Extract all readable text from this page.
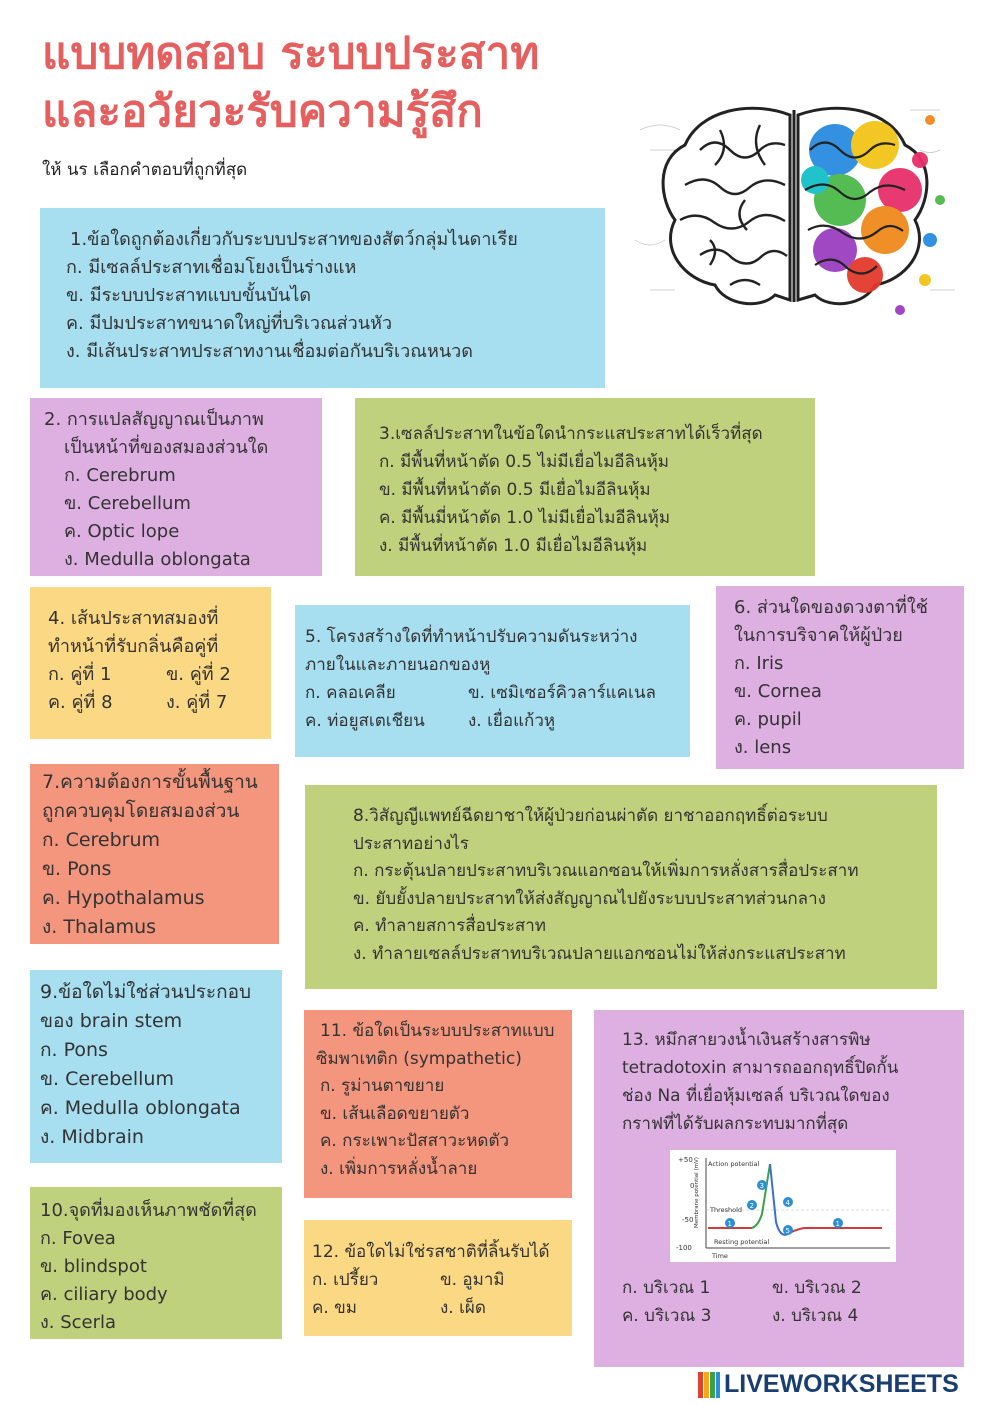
แบบทดสอบ ระบบประสาท
และอวัยวะรับความรู้สึก
ให้ นร เลือกคำตอบที่ถูกที่สุด
1.ข้อใดถูกต้องเกี่ยวกับระบบประสาทของสัตว์กลุ่มไนดาเรีย
ก. มีเซลล์ประสาทเชื่อมโยงเป็นร่างแห
ข. มีระบบประสาทแบบขั้นบันได
ค. มีปมประสาทขนาดใหญ่ที่บริเวณส่วนหัว
ง. มีเส้นประสาทประสาทงานเชื่อมต่อกันบริเวณหนวด
2. การแปลสัญญาณเป็นภาพ
เป็นหน้าที่ของสมองส่วนใด
ก. Cerebrum
ข. Cerebellum
ค. Optic lope
ง. Medulla oblongata
3.เซลล์ประสาทในข้อใดนำกระแสประสาทได้เร็วที่สุด
ก. มีพื้นที่หน้าตัด 0.5 ไม่มีเยื่อไมอีลินหุ้ม
ข. มีพื้นที่หน้าตัด 0.5 มีเยื่อไมอีลินหุ้ม
ค. มีพื้นมี่หน้าตัด 1.0 ไม่มีเยื่อไมอีลินหุ้ม
ง. มีพื้นที่หน้าตัด 1.0 มีเยื่อไมอีลินหุ้ม
4. เส้นประสาทสมองที่
ทำหน้าที่รับกลิ่นคือคู่ที่
ก. คู่ที่ 1	ข. คู่ที่ 2
ค. คู่ที่ 8	ง. คู่ที่ 7
5. โครงสร้างใดที่ทำหน้าปรับความดันระหว่าง
ภายในและภายนอกของหู
ก. คลอเคลีย	ข. เซมิเซอร์คิวลาร์แคเนล
ค. ท่อยูสเตเชียน	ง. เยื่อแก้วหู
6. ส่วนใดของดวงตาที่ใช้
ในการบริจาคให้ผู้ป่วย
ก. Iris
ข. Cornea
ค. pupil
ง. lens
7.ความต้องการขั้นพื้นฐาน
ถูกควบคุมโดยสมองส่วน
ก. Cerebrum
ข. Pons
ค. Hypothalamus
ง. Thalamus
8.วิสัญญีแพทย์ฉีดยาชาให้ผู้ป่วยก่อนผ่าตัด ยาชาออกฤทธิ์ต่อระบบ
ประสาทอย่างไร
ก. กระตุ้นปลายประสาทบริเวณแอกซอนให้เพิ่มการหลั่งสารสื่อประสาท
ข. ยับยั้งปลายประสาทให้ส่งสัญญาณไปยังระบบประสาทส่วนกลาง
ค. ทำลายสการสื่อประสาท
ง. ทำลายเซลล์ประสาทบริเวณปลายแอกซอนไม่ให้ส่งกระแสประสาท
9.ข้อใดไม่ใช่ส่วนประกอบ
ของ brain stem
ก. Pons
ข. Cerebellum
ค. Medulla oblongata
ง. Midbrain
10.จุดที่มองเห็นภาพชัดที่สุด
ก. Fovea
ข. blindspot
ค. ciliary body
ง. Scerla
11. ข้อใดเป็นระบบประสาทแบบ
ซิมพาเทติก (sympathetic)
ก. รูม่านตาขยาย
ข. เส้นเลือดขยายตัว
ค. กระเพาะปัสสาวะหดตัว
ง. เพิ่มการหลั่งน้ำลาย
12. ข้อใดไม่ใช่รสชาติที่ลิ้นรับได้
ก. เปรี้ยว	ข. อูมามิ
ค. ขม	ง. เผ็ด
13. หมึกสายวงน้ำเงินสร้างสารพิษ
tetradotoxin สามารถออกฤทธิ์ปิดกั้น
ช่อง Na ที่เยื่อหุ้มเซลล์ บริเวณใดของ
กราฟที่ได้รับผลกระทบมากที่สุด
+50
0
-50
-100
Membrane potential (mV)
Time
Action potential
Threshold
Resting potential
1
2
3
4
5
1
ก. บริเวณ 1	ข. บริเวณ 2
ค. บริเวณ 3	ง. บริเวณ 4
LIVEWORKSHEETS
